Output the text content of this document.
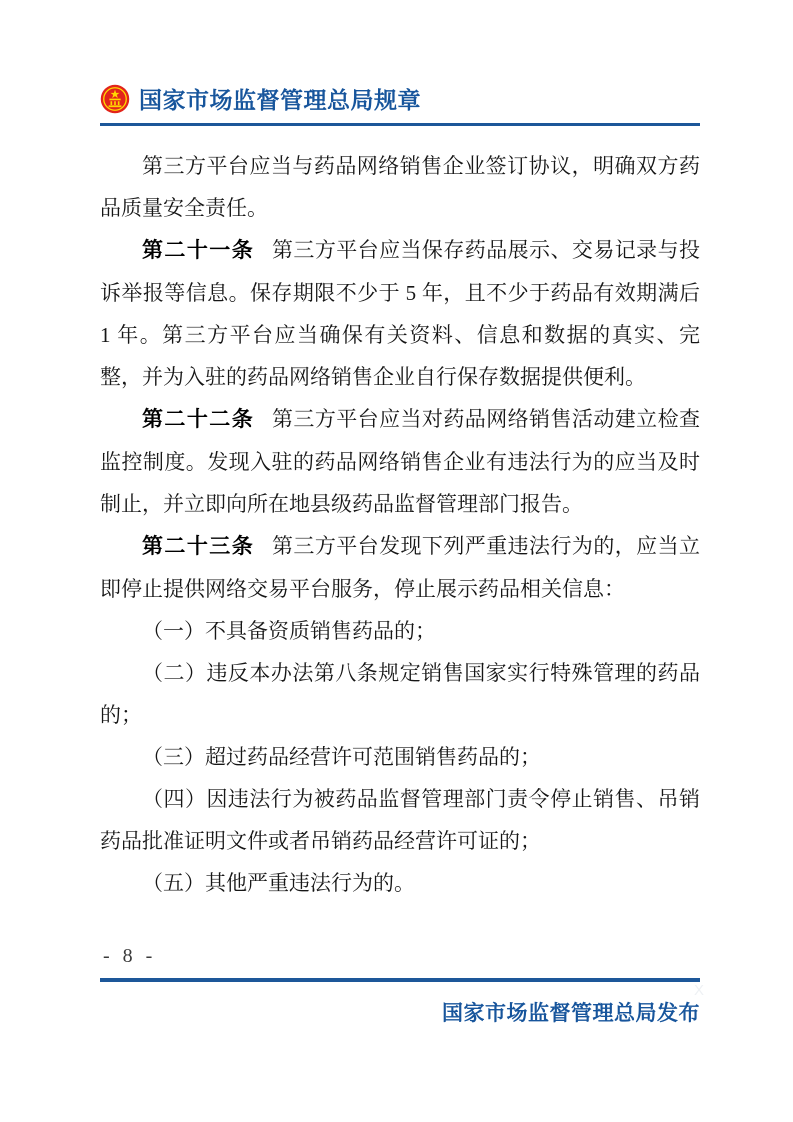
国家市场监督管理总局规章

第三方平台应当与药品网络销售企业签订协议，明确双方药品质量安全责任。

第二十一条 第三方平台应当保存药品展示、交易记录与投诉举报等信息。保存期限不少于 5 年，且不少于药品有效期满后 1 年。第三方平台应当确保有关资料、信息和数据的真实、完整，并为入驻的药品网络销售企业自行保存数据提供便利。

第二十二条 第三方平台应当对药品网络销售活动建立检查监控制度。发现入驻的药品网络销售企业有违法行为的应当及时制止，并立即向所在地县级药品监督管理部门报告。

第二十三条 第三方平台发现下列严重违法行为的，应当立即停止提供网络交易平台服务，停止展示药品相关信息：

（一）不具备资质销售药品的；

（二）违反本办法第八条规定销售国家实行特殊管理的药品的；

（三）超过药品经营许可范围销售药品的；

（四）因违法行为被药品监督管理部门责令停止销售、吊销药品批准证明文件或者吊销药品经营许可证的；

（五）其他严重违法行为的。

- 8 -
X
国家市场监督管理总局发布
